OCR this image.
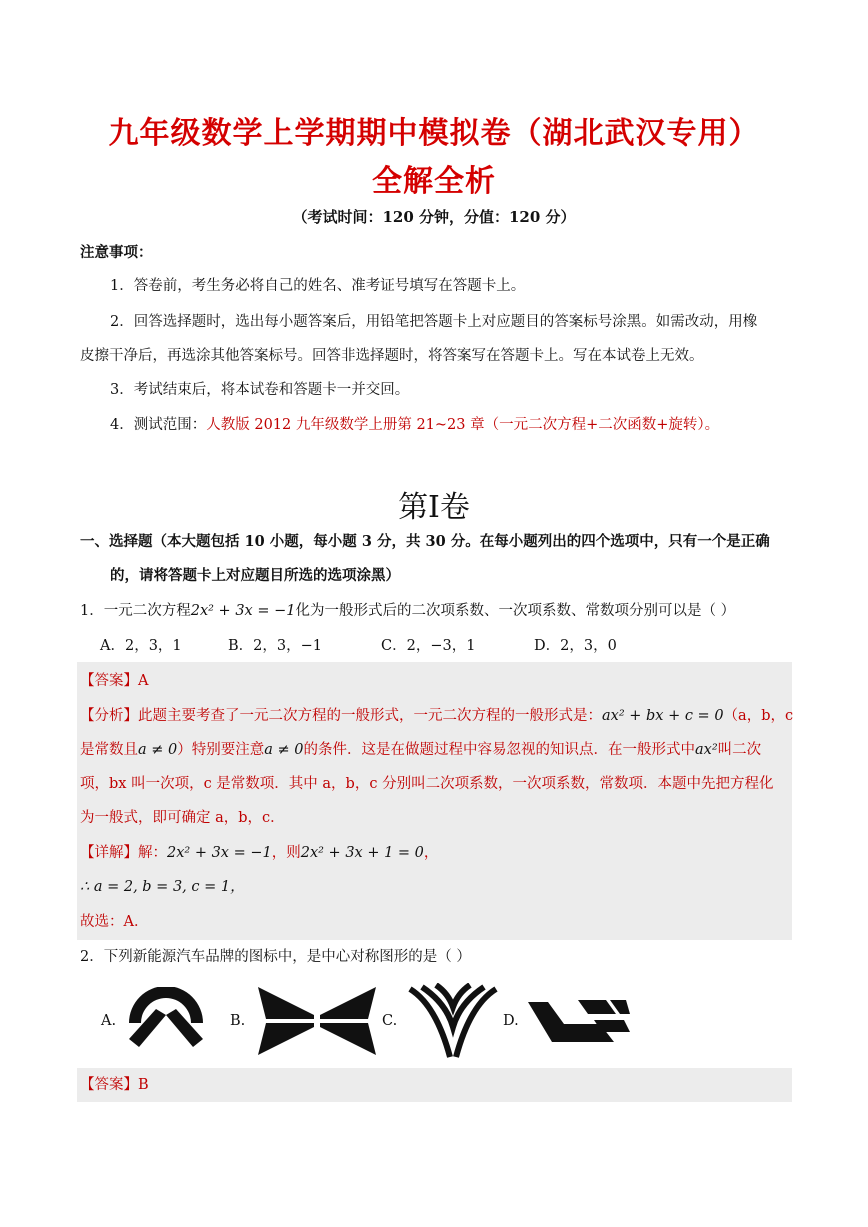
九年级数学上学期期中模拟卷（湖北武汉专用）
全解全析
（考试时间：120 分钟，分值：120 分）
注意事项：
1．答卷前，考生务必将自己的姓名、准考证号填写在答题卡上。
2．回答选择题时，选出每小题答案后，用铅笔把答题卡上对应题目的答案标号涂黑。如需改动，用橡
皮擦干净后，再选涂其他答案标号。回答非选择题时，将答案写在答题卡上。写在本试卷上无效。
3．考试结束后，将本试卷和答题卡一并交回。
4．测试范围：人教版 2012 九年级数学上册第 21~23 章（一元二次方程+二次函数+旋转）。
第Ⅰ卷
一、选择题（本大题包括 10 小题，每小题 3 分，共 30 分。在每小题列出的四个选项中，只有一个是正确
的，请将答题卡上对应题目所选的选项涂黑）
1．一元二次方程2x² + 3x = −1化为一般形式后的二次项系数、一次项系数、常数项分别可以是（ ）
A．2，3，1	B．2，3，−1	C．2，−3，1	D．2，3，0
【答案】A
【分析】此题主要考查了一元二次方程的一般形式，一元二次方程的一般形式是：ax² + bx + c = 0（a，b，c
是常数且a ≠ 0）特别要注意a ≠ 0的条件．这是在做题过程中容易忽视的知识点．在一般形式中ax²叫二次
项，bx 叫一次项，c 是常数项．其中 a，b，c 分别叫二次项系数，一次项系数，常数项．本题中先把方程化
为一般式，即可确定 a，b，c．
【详解】解：2x² + 3x = −1，则2x² + 3x + 1 = 0，
∴ a = 2, b = 3, c = 1，
故选：A．
2．下列新能源汽车品牌的图标中，是中心对称图形的是（ ）
A.	B.	C.	D.
【答案】B
